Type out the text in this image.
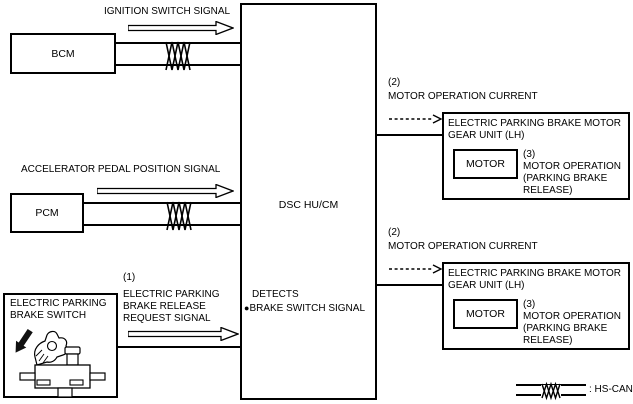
IGNITION SWITCH SIGNAL
BCM
ACCELERATOR PEDAL POSITION SIGNAL
PCM
ELECTRIC PARKING
BRAKE SWITCH
(1)
ELECTRIC PARKING
BRAKE RELEASE
REQUEST SIGNAL
DSC HU/CM
DETECTS
●BRAKE SWITCH SIGNAL
(2)
MOTOR OPERATION CURRENT
ELECTRIC PARKING BRAKE MOTOR
GEAR UNIT (LH)
MOTOR
(3)
MOTOR OPERATION
(PARKING BRAKE
RELEASE)
(2)
MOTOR OPERATION CURRENT
ELECTRIC PARKING BRAKE MOTOR
GEAR UNIT (LH)
MOTOR
(3)
MOTOR OPERATION
(PARKING BRAKE
RELEASE)
: HS-CAN
